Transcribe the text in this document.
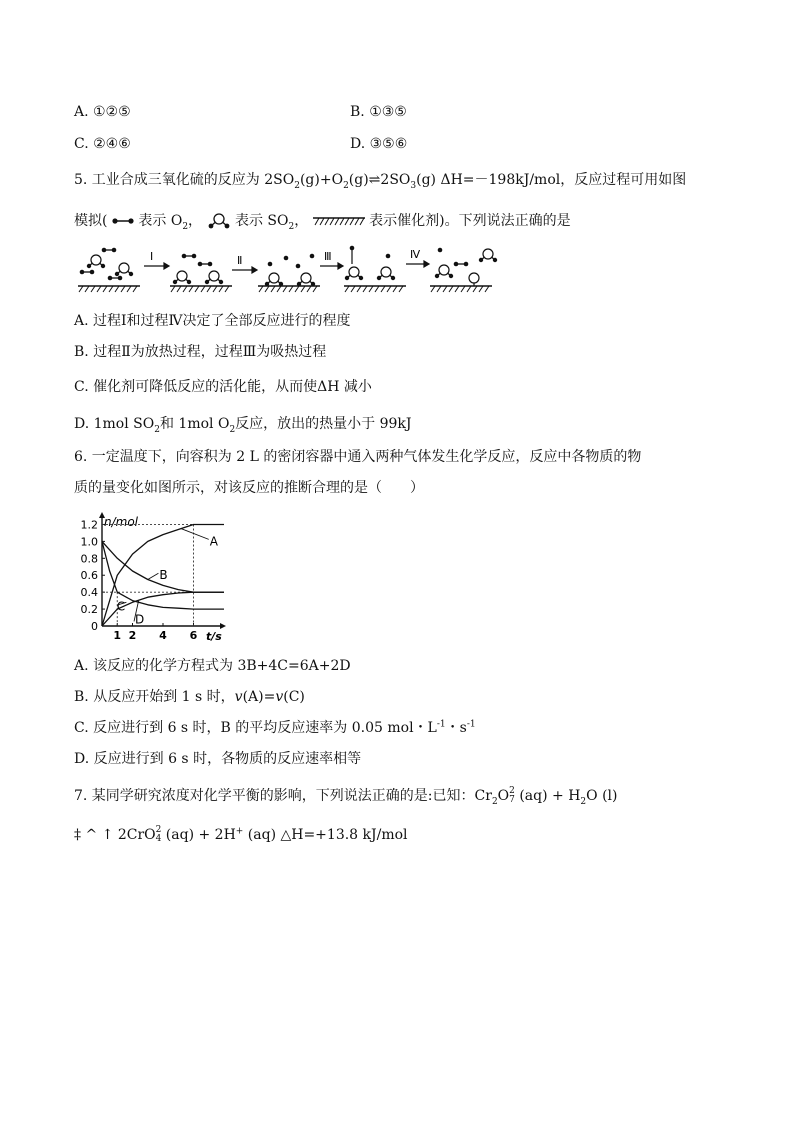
A. ①②⑤	B. ①③⑤
C. ②④⑥	D. ③⑤⑥
5. 工业合成三氧化硫的反应为 $2SO_2(g)+O_2(g)\rightleftharpoons 2SO_3(g)$ ΔH=－198kJ/mol，反应过程可用如图
模拟( 表示 $O_2$， 表示 $SO_2$，	表示催化剂)。下列说法正确的是
Ⅰ	Ⅱ	Ⅲ	Ⅳ
A. 过程Ⅰ和过程Ⅳ决定了全部反应进行的程度
B. 过程Ⅱ为放热过程，过程Ⅲ为吸热过程
C. 催化剂可降低反应的活化能，从而使ΔH 减小
D. 1mol $SO_2$和 1mol $O_2$反应，放出的热量小于 99kJ
6. 一定温度下，向容积为 2 L 的密闭容器中通入两种气体发生化学反应，反应中各物质的物
质的量变化如图所示，对该反应的推断合理的是（　　）
n/mol
t/s
1.2
1.0
0.8
0.6
0.4
0.2
0
1 2 4 6
A
B
C
D
A. 该反应的化学方程式为 3B+4C=6A+2D
B. 从反应开始到 1 s 时，v(A)=v(C)
C. 反应进行到 6 s 时，B 的平均反应速率为 0.05 mol・$L^{-1}$・$s^{-1}$
D. 反应进行到 6 s 时，各物质的反应速率相等
7. 某同学研究浓度对化学平衡的影响，下列说法正确的是:已知：$Cr_2O$ 2
7 $(aq) + H_2O$ (l)
‡ ^ ↑ 2CrO 2
4 (aq) + 2H+ (aq) △H=+13.8 kJ/mol
